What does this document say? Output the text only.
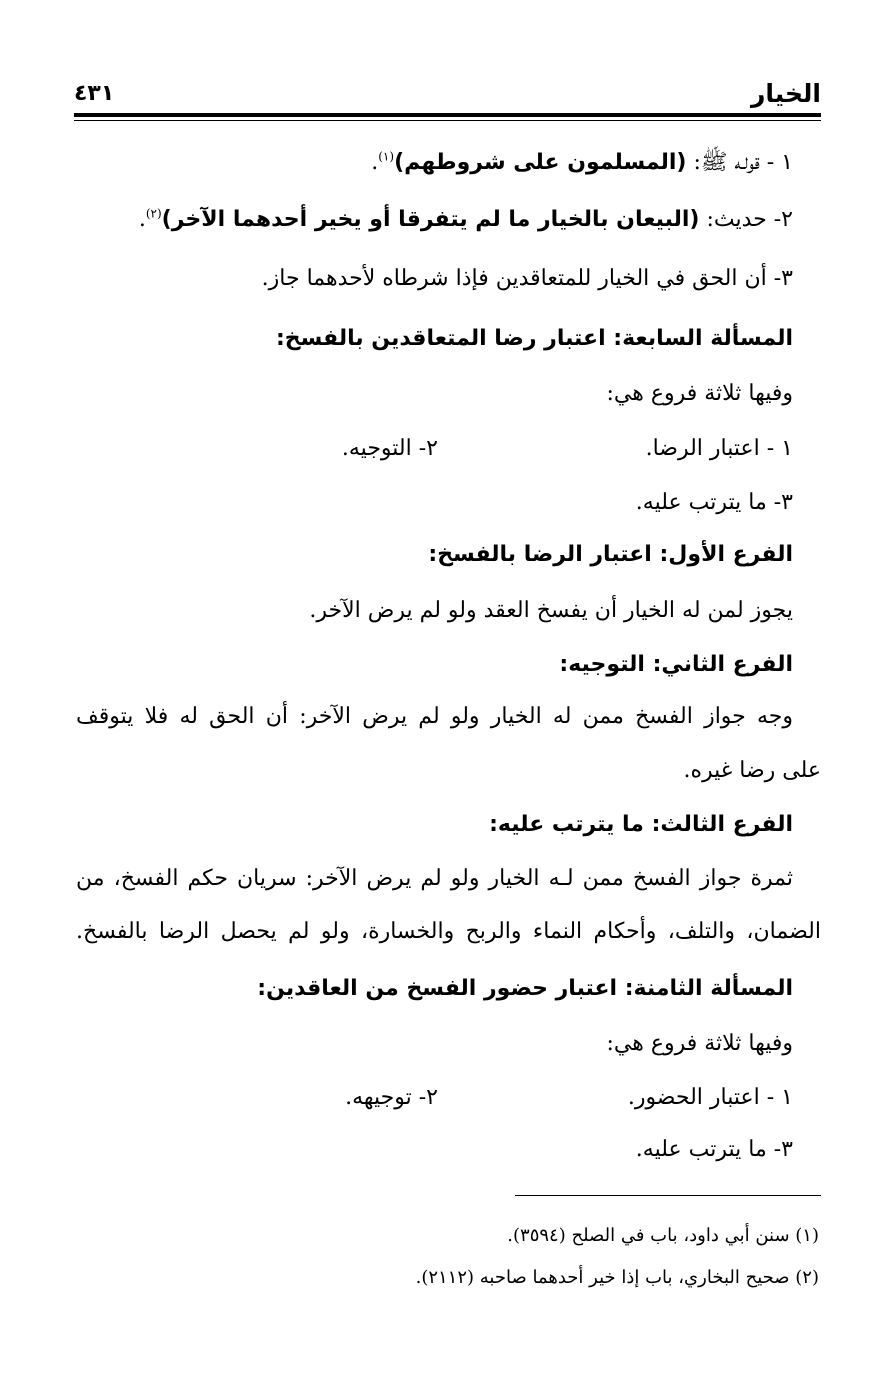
الخيار
٤٣١
١ - قولـه ﷺ: (المسلمون على شروطهم)$^{(١)}$.
٢- حديث: (البيعان بالخيار ما لم يتفرقا أو يخير أحدهما الآخر)$^{(٢)}$.
٣- أن الحق في الخيار للمتعاقدين فإذا شرطاه لأحدهما جاز.
المسألة السابعة: اعتبار رضا المتعاقدين بالفسخ:
وفيها ثلاثة فروع هي:
١ - اعتبار الرضا.
٢- التوجيه.
٣- ما يترتب عليه.
الفرع الأول: اعتبار الرضا بالفسخ:
يجوز لمن له الخيار أن يفسخ العقد ولو لم يرض الآخر.
الفرع الثاني: التوجيه:
وجه جواز الفسخ ممن له الخيار ولو لم يرض الآخر: أن الحق له فلا يتوقف
على رضا غيره.
الفرع الثالث: ما يترتب عليه:
ثمرة جواز الفسخ ممن لـه الخيار ولو لم يرض الآخر: سريان حكم الفسخ، من
الضمان، والتلف، وأحكام النماء والربح والخسارة، ولو لم يحصل الرضا بالفسخ.
المسألة الثامنة: اعتبار حضور الفسخ من العاقدين:
وفيها ثلاثة فروع هي:
١ - اعتبار الحضور.
٢- توجيهه.
٣- ما يترتب عليه.
(١) سنن أبي داود، باب في الصلح (٣٥٩٤).
(٢) صحيح البخاري، باب إذا خير أحدهما صاحبه (٢١١٢).
